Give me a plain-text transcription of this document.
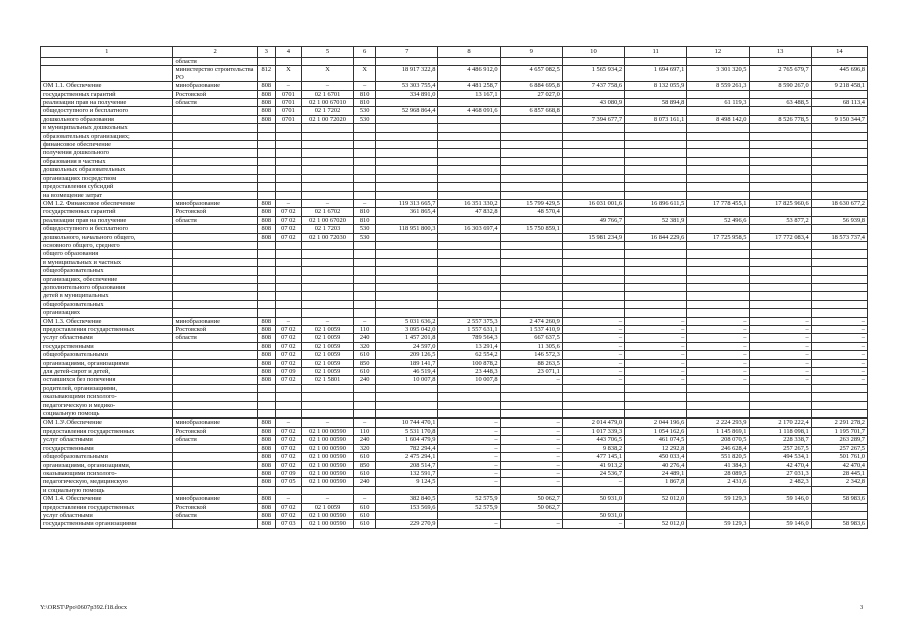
1	2	3	4	5	6	7	8	9	10	11	12	13	14
	области												
	министерство строительства РО	812	X	X	X	18 917 322,8	4 486 912,0	4 657 082,5	1 565 934,2	1 694 697,1	3 301 320,5	2 765 679,7	445 696,8
ОМ 1.1. Обеспечение	минобразование	808	–	–	–	53 303 755,4	4 481 258,7	6 884 695,8	7 437 758,6	8 132 055,9	8 559 261,3	8 590 267,0	9 218 458,1
государственных гарантий	Ростовской	808	0701	02 1 6701	810	334 891,0	13 167,1	27 027,0					
реализации прав на получение	области	808	0701	02 1 00 67010	810				43 080,9	58 894,8	61 119,3	63 488,5	68 113,4
общедоступного и бесплатного		808	0701	02 1 7202	530	52 968 864,4	4 468 091,6	6 857 668,8					
дошкольного образования		808	0701	02 1 00 72020	530				7 394 677,7	8 073 161,1	8 498 142,0	8 526 778,5	9 150 344,7
в муниципальных дошкольных													
образовательных организациях;													
финансовое обеспечение													
получения дошкольного													
образования в частных													
дошкольных образовательных													
организациях посредством													
предоставления субсидий													
на возмещение затрат													
ОМ 1.2. Финансовое обеспечение	минобразование	808	–	–	–	119 313 665,7	16 351 330,2	15 799 429,5	16 031 001,6	16 896 611,5	17 778 455,1	17 825 960,6	18 630 677,2
государственных гарантий	Ростовской	808	07 02	02 1 6702	810	361 865,4	47 832,8	48 570,4					
реализации прав на получение	области	808	07 02	02 1 00 67020	810				49 766,7	52 381,9	52 496,6	53 877,2	56 939,8
общедоступного и бесплатного		808	07 02	02 1 7203	530	118 951 800,3	16 303 697,4	15 750 859,1					
дошкольного, начального общего,		808	07 02	02 1 00 72030	530				15 981 234,9	16 844 229,6	17 725 958,5	17 772 083,4	18 573 737,4
основного общего, среднего													
общего образования													
в муниципальных и частных													
общеобразовательных													
организациях, обеспечение													
дополнительного образования													
детей в муниципальных													
общеобразовательных													
организациях													
ОМ 1.3. Обеспечение	минобразование	808	–	–	–	5 031 636,2	2 557 375,3	2 474 260,9	–	–	–	–	–
предоставления государственных	Ростовской	808	07 02	02 1 0059	110	3 095 042,0	1 557 631,1	1 537 410,9	–	–	–	–	–
услуг областными	области	808	07 02	02 1 0059	240	1 457 201,8	789 564,3	667 637,5	–	–	–	–	–
государственными		808	07 02	02 1 0059	320	24 597,0	13 291,4	11 305,6	–	–	–	–	–
общеобразовательными		808	07 02	02 1 0059	610	209 126,5	62 554,2	146 572,3	–	–	–	–	–
организациями, организациями		808	07 02	02 1 0059	850	189 141,7	100 878,2	88 263,5	–	–	–	–	–
для детей-сирот и детей,		808	07 09	02 1 0059	610	46 519,4	23 448,3	23 071,1	–	–	–	–	–
оставшихся без попечения		808	07 02	02 1 5801	240	10 007,8	10 007,8	–	–	–	–	–	–
родителей, организациями,													
оказывающими психолого-													
педагогическую и медико-													
социальную помощь													

ОМ 1.3¹.Обеспечение	минобразование	808	–	–	–	10 744 470,1	–	–	2 014 479,0	2 044 196,6	2 224 293,9	2 170 222,4	2 291 278,2
предоставления государственных	Ростовской	808	07 02	02 1 00 00590	110	5 531 170,8	–	–	1 017 339,3	1 054 162,6	1 145 869,1	1 118 098,1	1 195 701,7
услуг областными	области	808	07 02	02 1 00 00590	240	1 604 479,9	–	–	443 706,5	461 074,5	208 070,5	228 338,7	263 289,7
государственными		808	07 02	02 1 00 00590	320	782 294,4	–	–	9 838,2	12 292,8	246 628,4	257 267,5	257 267,5
общеобразовательными		808	07 02	02 1 00 00590	610	2 475 294,1	–	–	477 145,1	450 033,4	551 820,5	494 534,1	501 761,0
организациями, организациями,		808	07 02	02 1 00 00590	850	208 514,7	–	–	41 913,2	40 276,4	41 384,3	42 470,4	42 470,4
оказывающими психолого-		808	07 09	02 1 00 00590	610	132 591,7	–	–	24 536,7	24 489,1	28 089,5	27 031,3	28 445,1
педагогическую, медицинскую		808	07 05	02 1 00 00590	240	9 124,5	–	–	–	1 867,8	2 431,6	2 482,3	2 342,8
и социальную помощь													
ОМ 1.4. Обеспечение	минобразование	808	–	–	–	382 840,5	52 575,9	50 062,7	50 931,0	52 012,0	59 129,3	59 146,0	58 983,6
предоставления государственных	Ростовской	808	07 02	02 1 0059	610	153 569,6	52 575,9	50 062,7					
услуг областными	области	808	07 02	02 1 00 00590	610				50 931,0				
государственными организациями		808	07 03	02 1 00 00590	610	229 270,9	–	–	–	52 012,0	59 129,3	59 146,0	58 983,6
Y:\ORST\Ppo\0607p392.f18.docx	3
